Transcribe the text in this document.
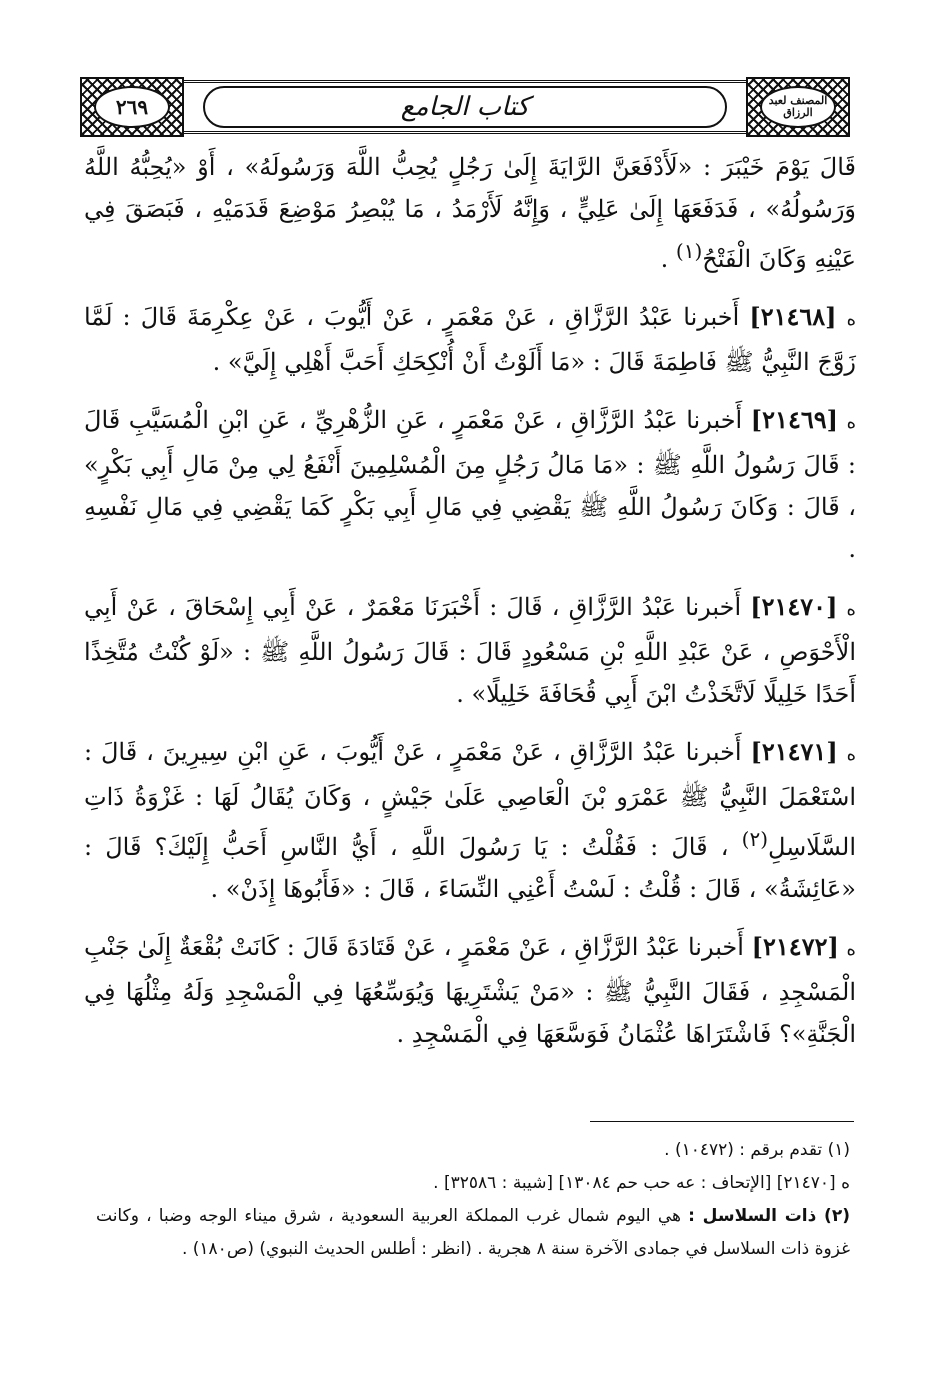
٢٦٩	كتاب الجامع	المصنف لعبد الرزاق

قَالَ يَوْمَ خَيْبَرَ : «لَأَدْفَعَنَّ الرَّايَةَ إِلَىٰ رَجُلٍ يُحِبُّ اللَّهَ وَرَسُولَهُ» ، أَوْ «يُحِبُّهُ اللَّهُ وَرَسُولُهُ» ، فَدَفَعَهَا إِلَىٰ عَلِيٍّ ، وَإِنَّهُ لَأَرْمَدُ ، مَا يُبْصِرُ مَوْضِعَ قَدَمَيْهِ ، فَبَصَقَ فِي عَيْنِهِ وَكَانَ الْفَتْحُ$^{(١)}$ .

ه [٢١٤٦٨] أَخبرنا عَبْدُ الرَّزَّاقِ ، عَنْ مَعْمَرٍ ، عَنْ أَيُّوبَ ، عَنْ عِكْرِمَةَ قَالَ : لَمَّا زَوَّجَ النَّبِيُّ ﷺ فَاطِمَةَ قَالَ : «مَا أَلَوْتُ أَنْ أُنْكِحَكِ أَحَبَّ أَهْلِي إِلَيَّ» .

ه [٢١٤٦٩] أَخبرنا عَبْدُ الرَّزَّاقِ ، عَنْ مَعْمَرٍ ، عَنِ الزُّهْرِيِّ ، عَنِ ابْنِ الْمُسَيَّبِ قَالَ : قَالَ رَسُولُ اللَّهِ ﷺ : «مَا مَالُ رَجُلٍ مِنَ الْمُسْلِمِينَ أَنْفَعُ لِي مِنْ مَالِ أَبِي بَكْرٍ» ، قَالَ : وَكَانَ رَسُولُ اللَّهِ ﷺ يَقْضِي فِي مَالِ أَبِي بَكْرٍ كَمَا يَقْضِي فِي مَالِ نَفْسِهِ .

ه [٢١٤٧٠] أَخبرنا عَبْدُ الرَّزَّاقِ ، قَالَ : أَخْبَرَنَا مَعْمَرٌ ، عَنْ أَبِي إِسْحَاقَ ، عَنْ أَبِي الْأَحْوَصِ ، عَنْ عَبْدِ اللَّهِ بْنِ مَسْعُودٍ قَالَ : قَالَ رَسُولُ اللَّهِ ﷺ : «لَوْ كُنْتُ مُتَّخِذًا أَحَدًا خَلِيلًا لَاتَّخَذْتُ ابْنَ أَبِي قُحَافَةَ خَلِيلًا» .

ه [٢١٤٧١] أَخبرنا عَبْدُ الرَّزَّاقِ ، عَنْ مَعْمَرٍ ، عَنْ أَيُّوبَ ، عَنِ ابْنِ سِيرِينَ ، قَالَ : اسْتَعْمَلَ النَّبِيُّ ﷺ عَمْرَو بْنَ الْعَاصِي عَلَىٰ جَيْشٍ ، وَكَانَ يُقَالُ لَهَا : غَزْوَةُ ذَاتِ السَّلَاسِلِ$^{(٢)}$ ، قَالَ : فَقُلْتُ : يَا رَسُولَ اللَّهِ ، أَيُّ النَّاسِ أَحَبُّ إِلَيْكَ؟ قَالَ : «عَائِشَةُ» ، قَالَ : قُلْتُ : لَسْتُ أَعْنِي النِّسَاءَ ، قَالَ : «فَأَبُوهَا إِذَنْ» .

ه [٢١٤٧٢] أَخبرنا عَبْدُ الرَّزَّاقِ ، عَنْ مَعْمَرٍ ، عَنْ قَتَادَةَ قَالَ : كَانَتْ بُقْعَةٌ إِلَىٰ جَنْبِ الْمَسْجِدِ ، فَقَالَ النَّبِيُّ ﷺ : «مَنْ يَشْتَرِيهَا وَيُوَسِّعُهَا فِي الْمَسْجِدِ وَلَهُ مِثْلُهَا فِي الْجَنَّةِ»؟ فَاشْتَرَاهَا عُثْمَانُ فَوَسَّعَهَا فِي الْمَسْجِدِ .

(١) تقدم برقم : (١٠٤٧٢) .

ه [٢١٤٧٠] [الإتحاف : عه حب حم ١٣٠٨٤] [شيبة : ٣٢٥٨٦] .

(٢) ذات السلاسل : هي اليوم شمال غرب المملكة العربية السعودية ، شرق ميناء الوجه وضبا ، وكانت غزوة ذات السلاسل في جمادى الآخرة سنة ٨ هجرية . (انظر : أطلس الحديث النبوي) (ص١٨٠) .
